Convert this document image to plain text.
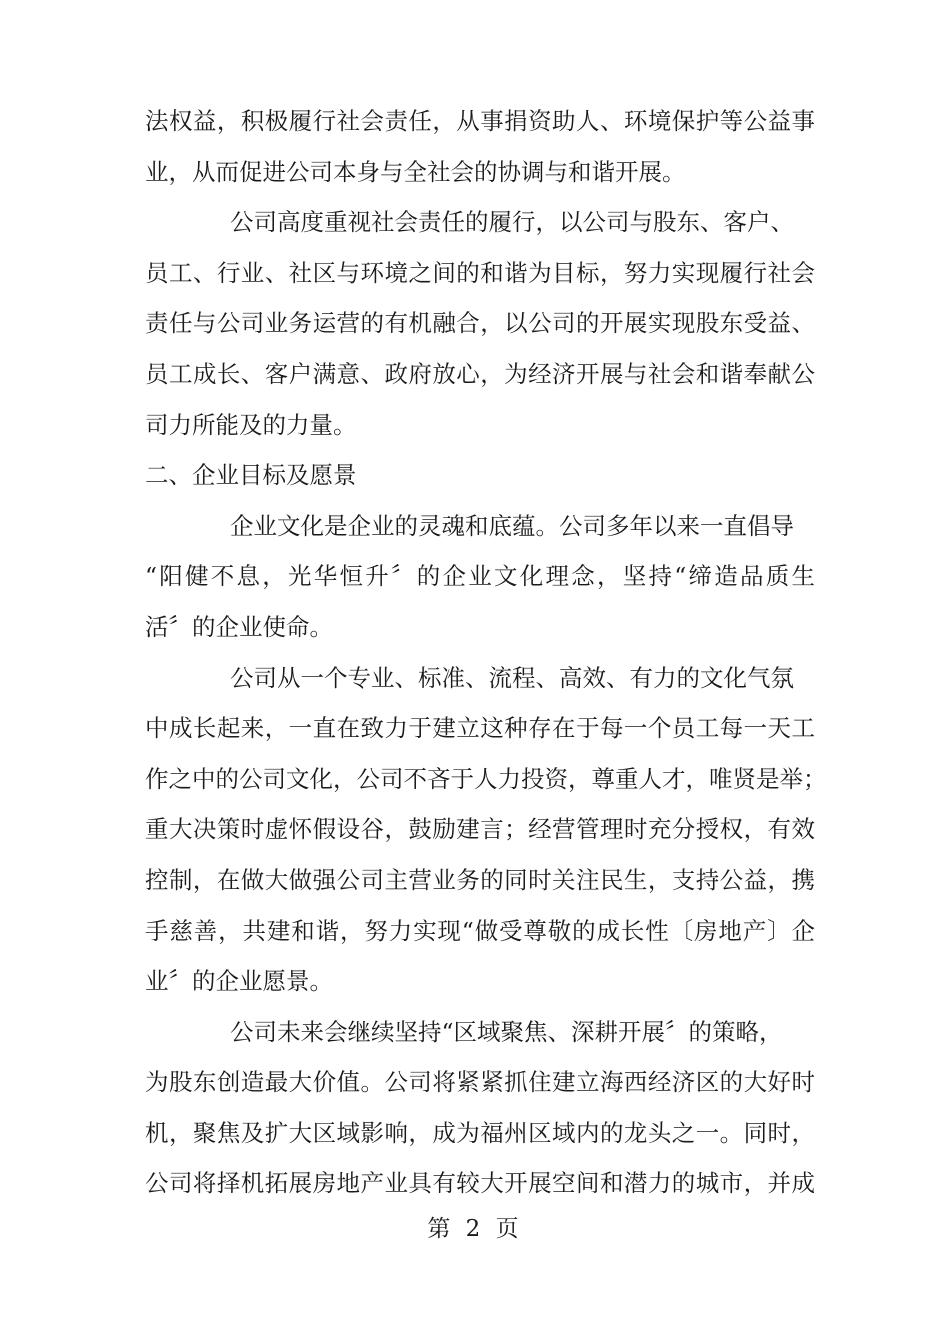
法权益，积极履行社会责任，从事捐资助人、环境保护等公益事
业，从而促进公司本身与全社会的协调与和谐开展。
公司高度重视社会责任的履行，以公司与股东、客户、
员工、行业、社区与环境之间的和谐为目标，努力实现履行社会
责任与公司业务运营的有机融合，以公司的开展实现股东受益、
员工成长、客户满意、政府放心，为经济开展与社会和谐奉献公
司力所能及的力量。
二、企业目标及愿景
企业文化是企业的灵魂和底蕴。公司多年以来一直倡导
“阳健不息，光华恒升〞的企业文化理念，坚持“缔造品质生
活〞的企业使命。
公司从一个专业、标准、流程、高效、有力的文化气氛
中成长起来，一直在致力于建立这种存在于每一个员工每一天工
作之中的公司文化，公司不吝于人力投资，尊重人才，唯贤是举；
重大决策时虚怀假设谷，鼓励建言；经营管理时充分授权，有效
控制，在做大做强公司主营业务的同时关注民生，支持公益，携
手慈善，共建和谐，努力实现“做受尊敬的成长性〔房地产〕企
业〞的企业愿景。
公司未来会继续坚持“区域聚焦、深耕开展〞的策略，
为股东创造最大价值。公司将紧紧抓住建立海西经济区的大好时
机，聚焦及扩大区域影响，成为福州区域内的龙头之一。同时，
公司将择机拓展房地产业具有较大开展空间和潜力的城市，并成
第 2 页
